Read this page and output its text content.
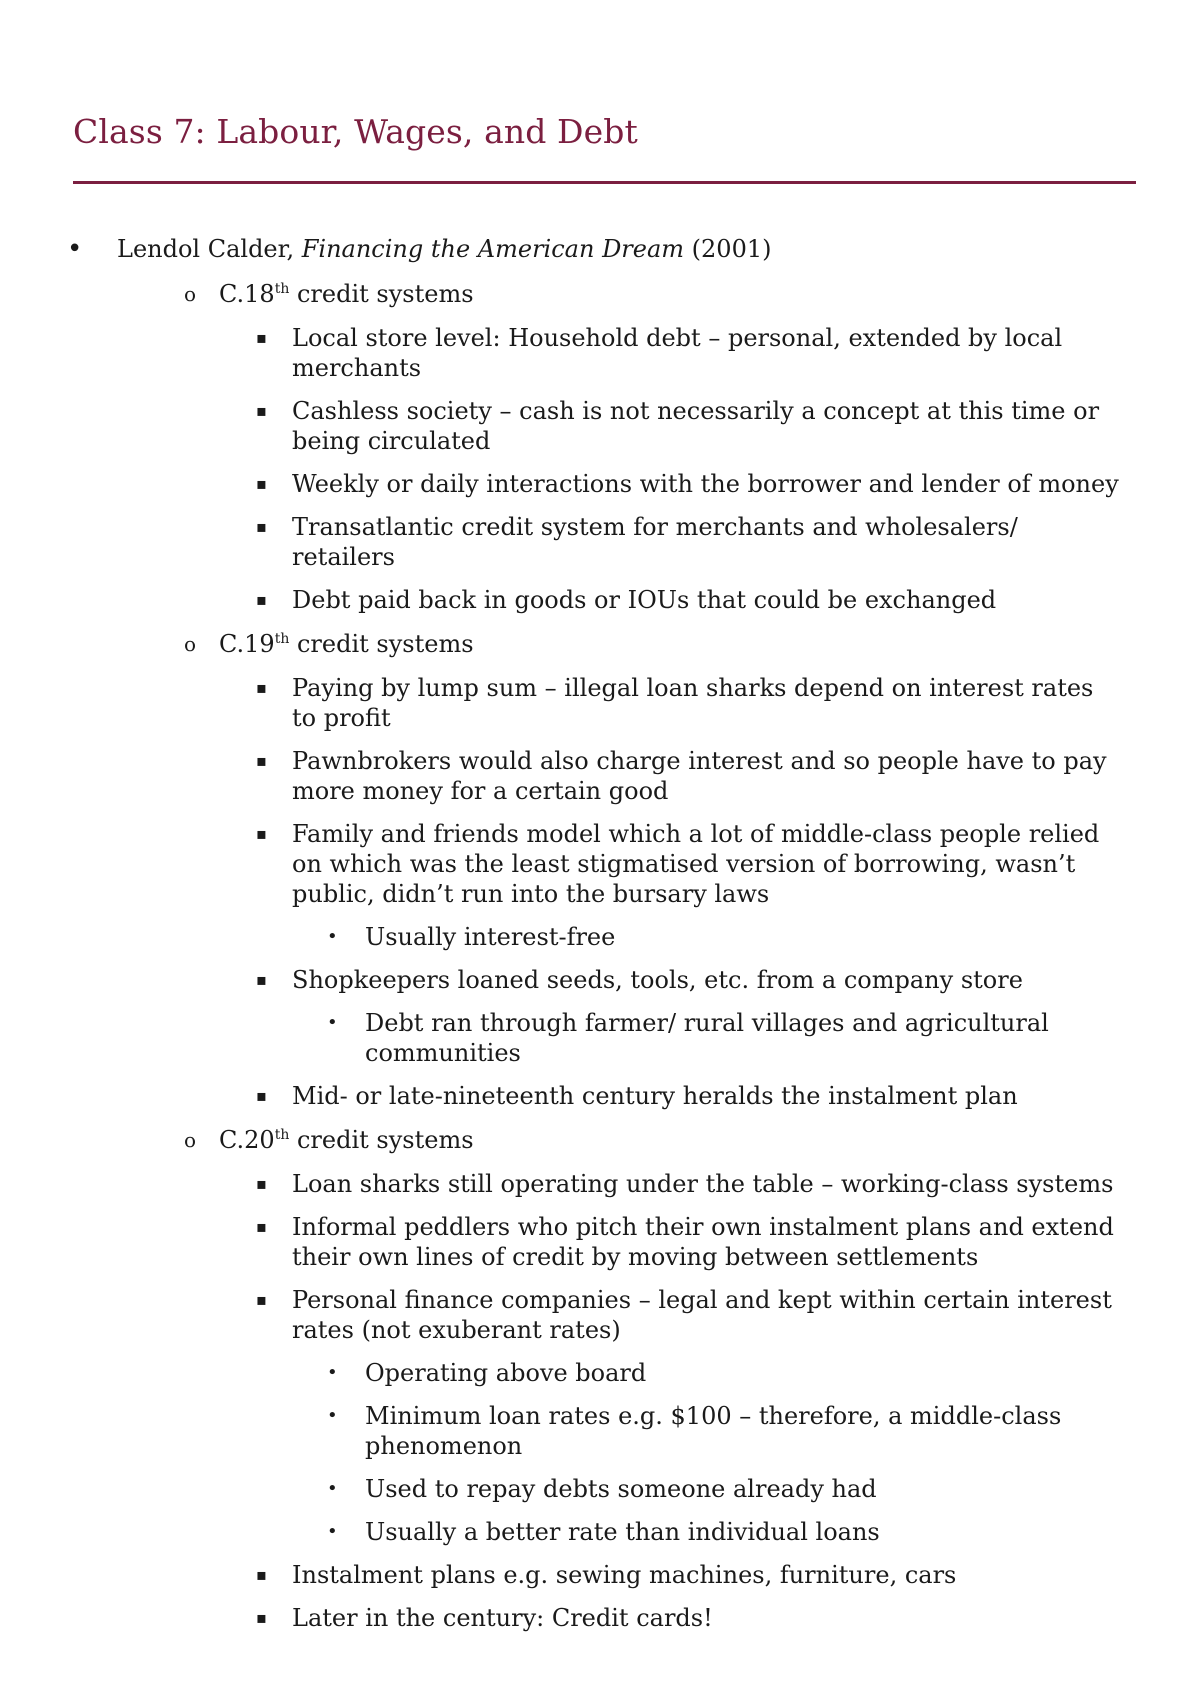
Class 7: Labour, Wages, and Debt
• Lendol Calder, Financing the American Dream (2001)
o C.18th credit systems
▪ Local store level: Household debt – personal, extended by local
merchants
▪ Cashless society – cash is not necessarily a concept at this time or
being circulated
▪ Weekly or daily interactions with the borrower and lender of money
▪ Transatlantic credit system for merchants and wholesalers/
retailers
▪ Debt paid back in goods or IOUs that could be exchanged
o C.19th credit systems
▪ Paying by lump sum – illegal loan sharks depend on interest rates
to profit
▪ Pawnbrokers would also charge interest and so people have to pay
more money for a certain good
▪ Family and friends model which a lot of middle-class people relied
on which was the least stigmatised version of borrowing, wasn’t
public, didn’t run into the bursary laws
• Usually interest-free
▪ Shopkeepers loaned seeds, tools, etc. from a company store
• Debt ran through farmer/ rural villages and agricultural
communities
▪ Mid- or late-nineteenth century heralds the instalment plan
o C.20th credit systems
▪ Loan sharks still operating under the table – working-class systems
▪ Informal peddlers who pitch their own instalment plans and extend
their own lines of credit by moving between settlements
▪ Personal finance companies – legal and kept within certain interest
rates (not exuberant rates)
• Operating above board
• Minimum loan rates e.g. $100 – therefore, a middle-class
phenomenon
• Used to repay debts someone already had
• Usually a better rate than individual loans
▪ Instalment plans e.g. sewing machines, furniture, cars
▪ Later in the century: Credit cards!
